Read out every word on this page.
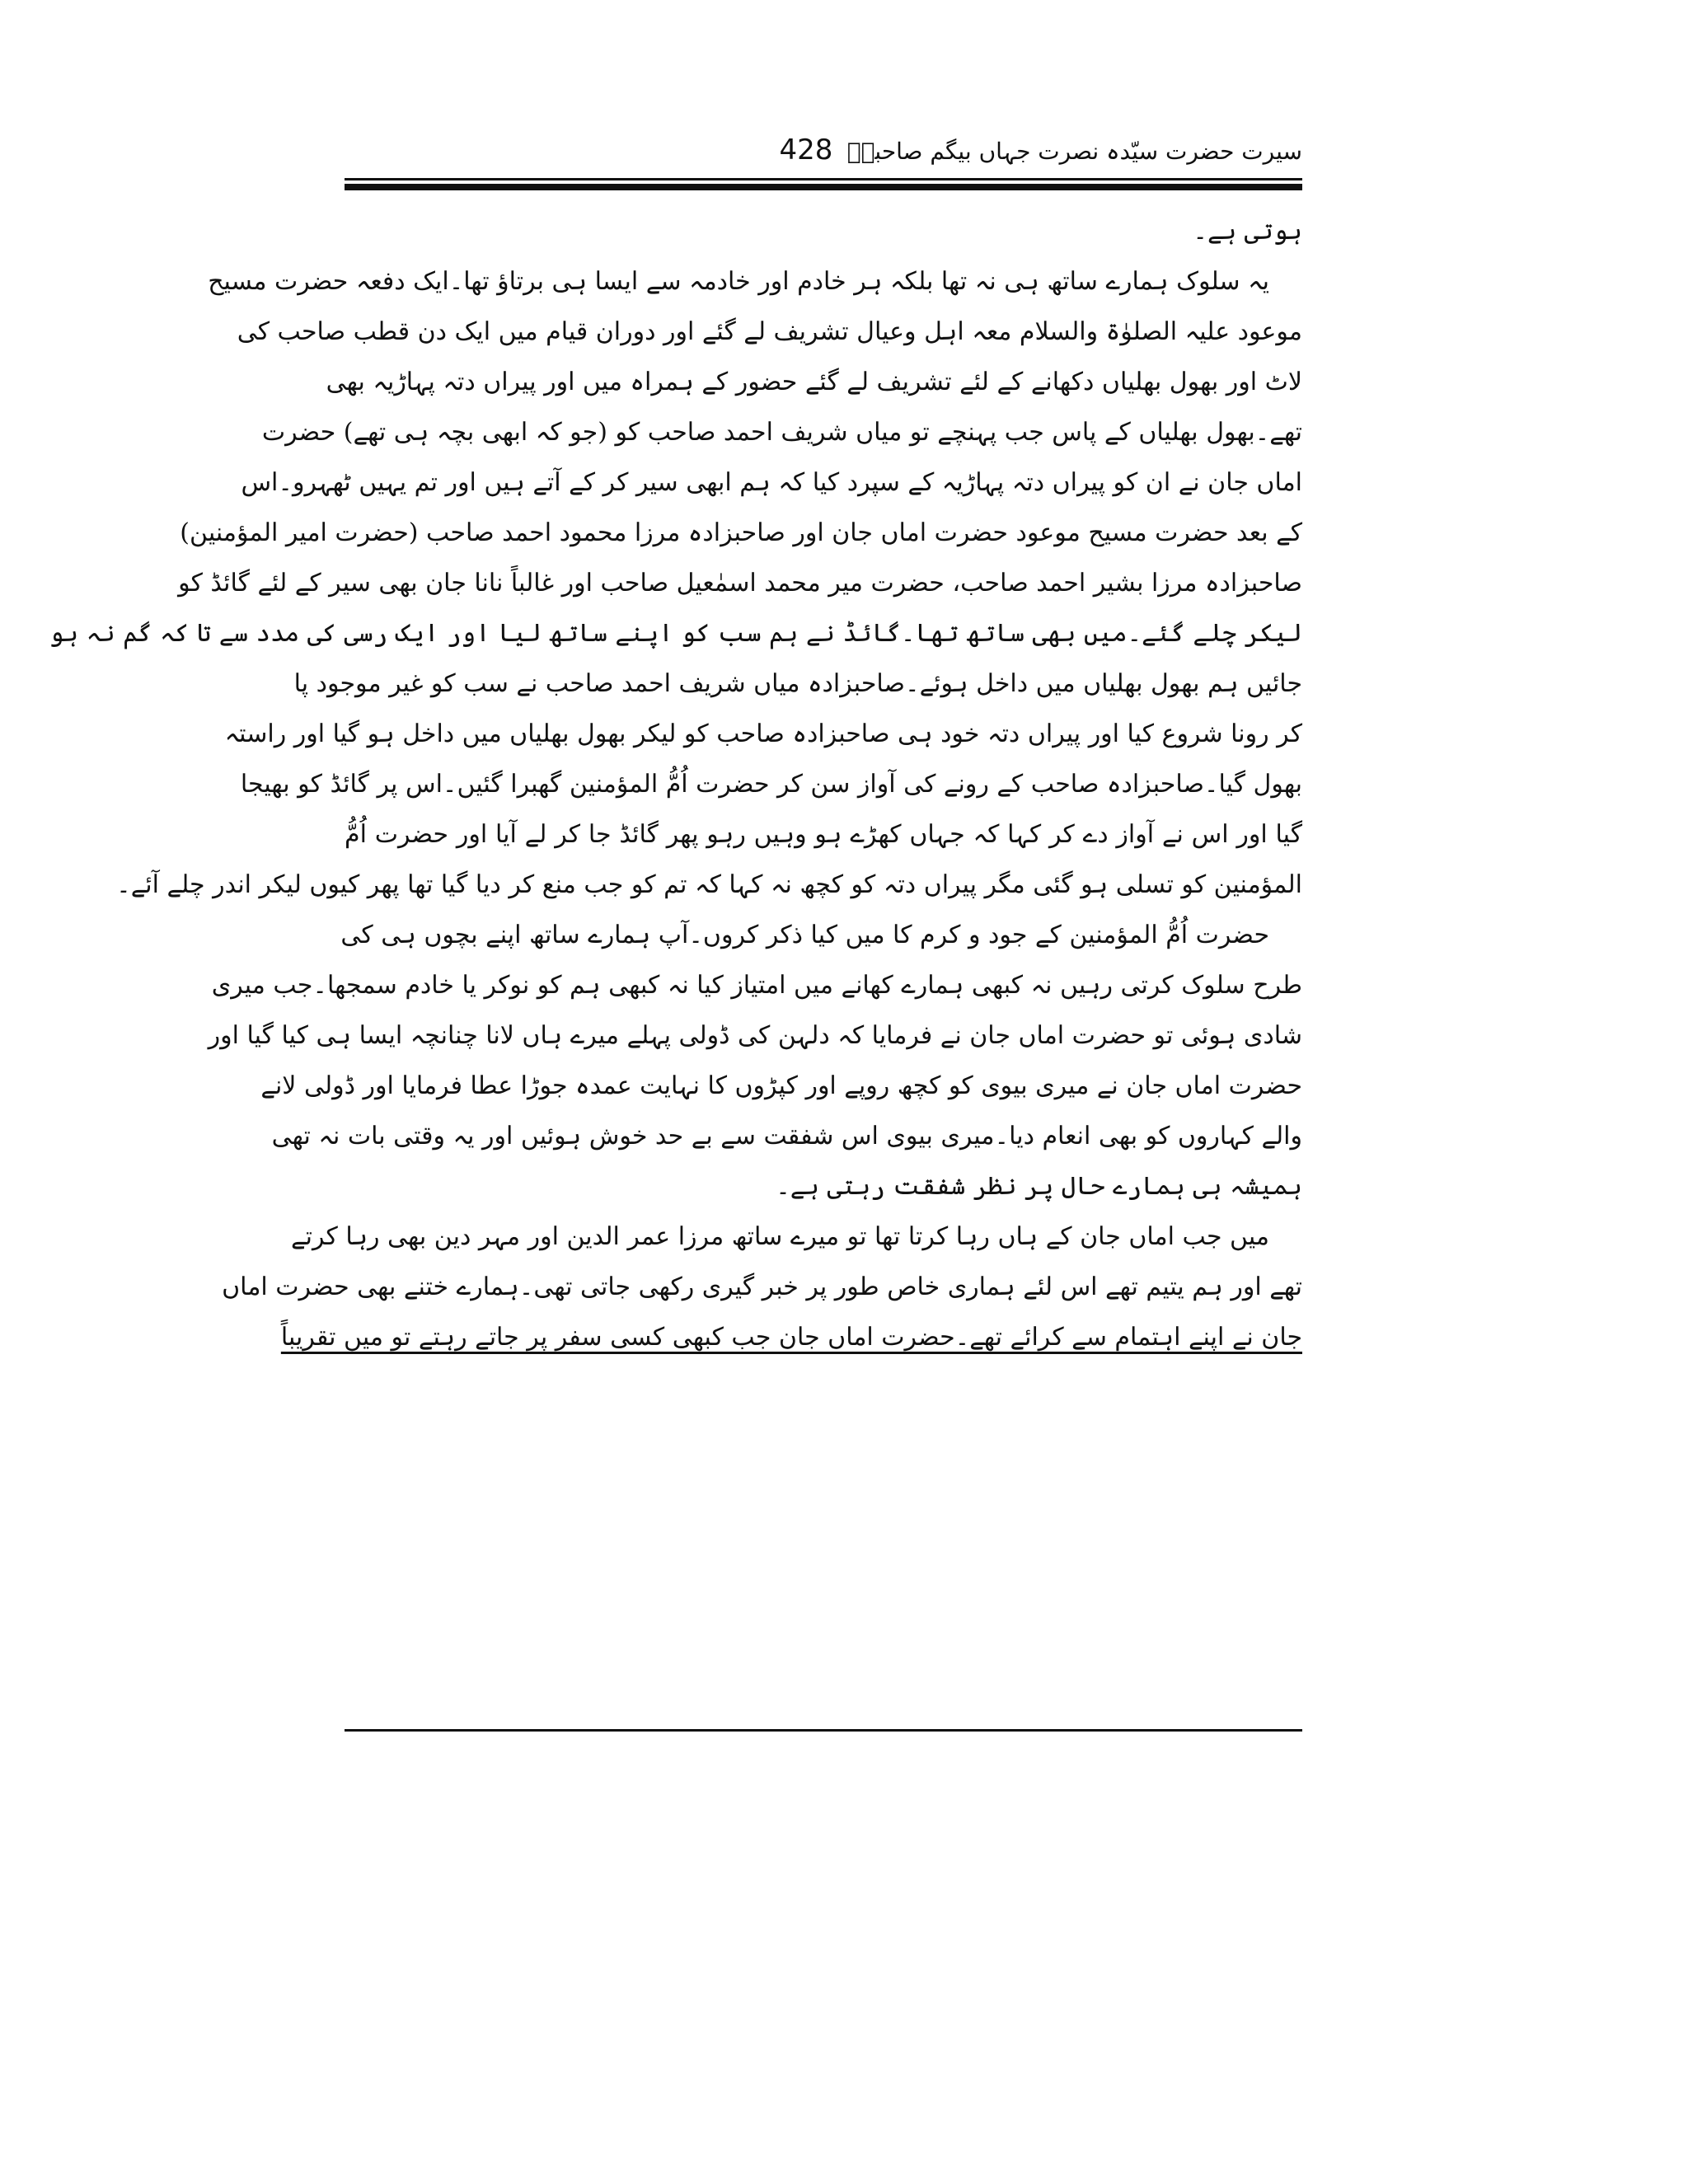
سیرت حضرت سیّدہ نصرت جہاں بیگم صاحبہؓ
428
ہوتی ہے۔
یہ سلوک ہمارے ساتھ ہی نہ تھا بلکہ ہر خادم اور خادمہ سے ایسا ہی برتاؤ تھا۔ایک دفعہ حضرت مسیح
موعود علیہ الصلوٰۃ والسلام معہ اہل وعیال تشریف لے گئے اور دوران قیام میں ایک دن قطب صاحب کی
لاٹ اور بھول بھلیاں دکھانے کے لئے تشریف لے گئے حضور کے ہمراہ میں اور پیراں دتہ پہاڑیہ بھی
تھے۔بھول بھلیاں کے پاس جب پہنچے تو میاں شریف احمد صاحب کو (جو کہ ابھی بچہ ہی تھے) حضرت
اماں جان نے ان کو پیراں دتہ پہاڑیہ کے سپرد کیا کہ ہم ابھی سیر کر کے آتے ہیں اور تم یہیں ٹھہرو۔اس
کے بعد حضرت مسیح موعود حضرت اماں جان اور صاحبزادہ مرزا محمود احمد صاحب (حضرت امیر المؤمنین)
صاحبزادہ مرزا بشیر احمد صاحب، حضرت میر محمد اسمٰعیل صاحب اور غالباً نانا جان بھی سیر کے لئے گائڈ کو
لیکر چلے گئے۔میں بھی ساتھ تھا۔گائڈ نے ہم سب کو اپنے ساتھ لیا اور ایک رسی کی مدد سے تا کہ گم نہ ہو
جائیں ہم بھول بھلیاں میں داخل ہوئے۔صاحبزادہ میاں شریف احمد صاحب نے سب کو غیر موجود پا
کر رونا شروع کیا اور پیراں دتہ خود ہی صاحبزادہ صاحب کو لیکر بھول بھلیاں میں داخل ہو گیا اور راستہ
بھول گیا۔صاحبزادہ صاحب کے رونے کی آواز سن کر حضرت اُمُّ المؤمنین گھبرا گئیں۔اس پر گائڈ کو بھیجا
گیا اور اس نے آواز دے کر کہا کہ جہاں کھڑے ہو وہیں رہو پھر گائڈ جا کر لے آیا اور حضرت اُمُّ
المؤمنین کو تسلی ہو گئی مگر پیراں دتہ کو کچھ نہ کہا کہ تم کو جب منع کر دیا گیا تھا پھر کیوں لیکر اندر چلے آئے۔
حضرت اُمُّ المؤمنین کے جود و کرم کا میں کیا ذکر کروں۔آپ ہمارے ساتھ اپنے بچوں ہی کی
طرح سلوک کرتی رہیں نہ کبھی ہمارے کھانے میں امتیاز کیا نہ کبھی ہم کو نوکر یا خادم سمجھا۔جب میری
شادی ہوئی تو حضرت اماں جان نے فرمایا کہ دلہن کی ڈولی پہلے میرے ہاں لانا چنانچہ ایسا ہی کیا گیا اور
حضرت اماں جان نے میری بیوی کو کچھ روپے اور کپڑوں کا نہایت عمدہ جوڑا عطا فرمایا اور ڈولی لانے
والے کہاروں کو بھی انعام دیا۔میری بیوی اس شفقت سے بے حد خوش ہوئیں اور یہ وقتی بات نہ تھی
ہمیشہ ہی ہمارے حال پر نظر شفقت رہتی ہے۔
میں جب اماں جان کے ہاں رہا کرتا تھا تو میرے ساتھ مرزا عمر الدین اور مہر دین بھی رہا کرتے
تھے اور ہم یتیم تھے اس لئے ہماری خاص طور پر خبر گیری رکھی جاتی تھی۔ہمارے ختنے بھی حضرت اماں
جان نے اپنے اہتمام سے کرائے تھے۔حضرت اماں جان جب کبھی کسی سفر پر جاتے رہتے تو میں تقریباً
